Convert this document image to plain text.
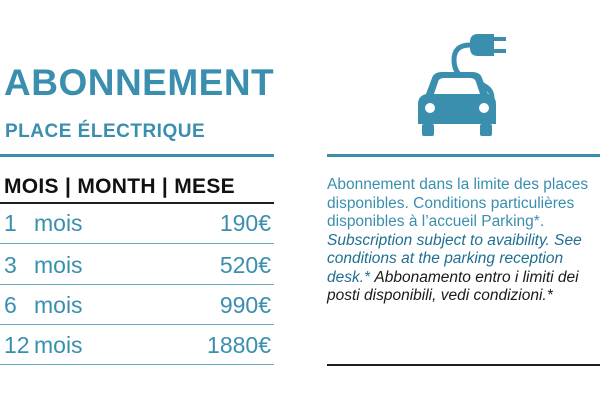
ABONNEMENT
PLACE ÉLECTRIQUE
MOIS | MONTH | MESE
1 mois	190€
3 mois	520€
6 mois	990€
12 mois	1880€

Abonnement dans la limite des places disponibles. Conditions particulières disponibles à l’accueil Parking*. Subscription subject to avaibility. See conditions at the parking reception desk.* Abbonamento entro i limiti dei posti disponibili, vedi condizioni.*
